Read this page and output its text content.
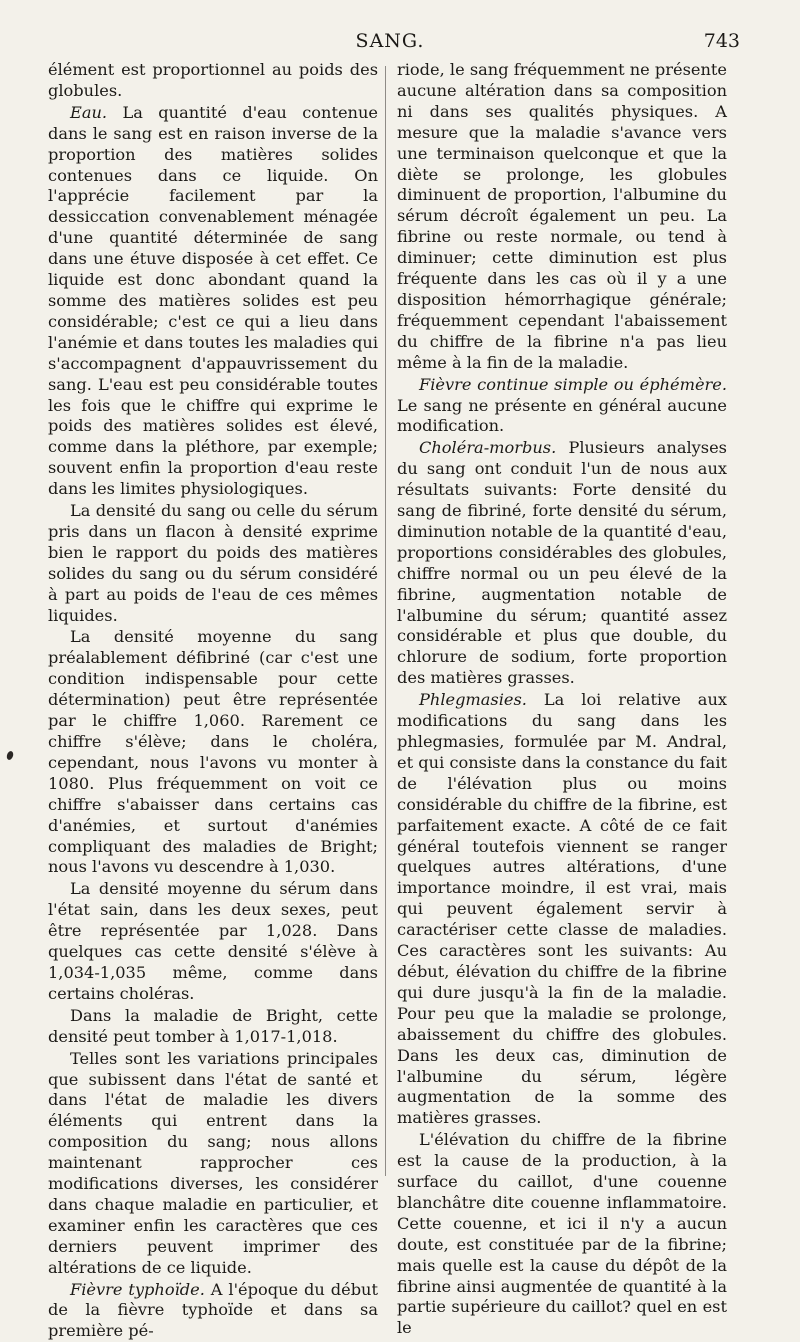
SANG.	743

élément est proportionnel au poids des globules.

Eau. La quantité d'eau contenue dans le sang est en raison inverse de la proportion des matières solides contenues dans ce liquide. On l'apprécie facilement par la dessiccation convenablement ménagée d'une quantité déterminée de sang dans une étuve disposée à cet effet. Ce liquide est donc abondant quand la somme des matières solides est peu considérable; c'est ce qui a lieu dans l'anémie et dans toutes les maladies qui s'accompagnent d'appauvrissement du sang. L'eau est peu considérable toutes les fois que le chiffre qui exprime le poids des matières solides est élevé, comme dans la pléthore, par exemple; souvent enfin la proportion d'eau reste dans les limites physiologiques.

La densité du sang ou celle du sérum pris dans un flacon à densité exprime bien le rapport du poids des matières solides du sang ou du sérum considéré à part au poids de l'eau de ces mêmes liquides.

La densité moyenne du sang préalablement défibriné (car c'est une condition indispensable pour cette détermination) peut être représentée par le chiffre 1,060. Rarement ce chiffre s'élève; dans le choléra, cependant, nous l'avons vu monter à 1080. Plus fréquemment on voit ce chiffre s'abaisser dans certains cas d'anémies, et surtout d'anémies compliquant des maladies de Bright; nous l'avons vu descendre à 1,030.

La densité moyenne du sérum dans l'état sain, dans les deux sexes, peut être représentée par 1,028. Dans quelques cas cette densité s'élève à 1,034-1,035 même, comme dans certains choléras.

Dans la maladie de Bright, cette densité peut tomber à 1,017-1,018.

Telles sont les variations principales que subissent dans l'état de santé et dans l'état de maladie les divers éléments qui entrent dans la composition du sang; nous allons maintenant rapprocher ces modifications diverses, les considérer dans chaque maladie en particulier, et examiner enfin les caractères que ces derniers peuvent imprimer des altérations de ce liquide.

Fièvre typhoïde. A l'époque du début de la fièvre typhoïde et dans sa première pé-

riode, le sang fréquemment ne présente aucune altération dans sa composition ni dans ses qualités physiques. A mesure que la maladie s'avance vers une terminaison quelconque et que la diète se prolonge, les globules diminuent de proportion, l'albumine du sérum décroît également un peu. La fibrine ou reste normale, ou tend à diminuer; cette diminution est plus fréquente dans les cas où il y a une disposition hémorrhagique générale; fréquemment cependant l'abaissement du chiffre de la fibrine n'a pas lieu même à la fin de la maladie.

Fièvre continue simple ou éphémère. Le sang ne présente en général aucune modification.

Choléra-morbus. Plusieurs analyses du sang ont conduit l'un de nous aux résultats suivants: Forte densité du sang de fibriné, forte densité du sérum, diminution notable de la quantité d'eau, proportions considérables des globules, chiffre normal ou un peu élevé de la fibrine, augmentation notable de l'albumine du sérum; quantité assez considérable et plus que double, du chlorure de sodium, forte proportion des matières grasses.

Phlegmasies. La loi relative aux modifications du sang dans les phlegmasies, formulée par M. Andral, et qui consiste dans la constance du fait de l'élévation plus ou moins considérable du chiffre de la fibrine, est parfaitement exacte. A côté de ce fait général toutefois viennent se ranger quelques autres altérations, d'une importance moindre, il est vrai, mais qui peuvent également servir à caractériser cette classe de maladies. Ces caractères sont les suivants: Au début, élévation du chiffre de la fibrine qui dure jusqu'à la fin de la maladie. Pour peu que la maladie se prolonge, abaissement du chiffre des globules. Dans les deux cas, diminution de l'albumine du sérum, légère augmentation de la somme des matières grasses.

L'élévation du chiffre de la fibrine est la cause de la production, à la surface du caillot, d'une couenne blanchâtre dite couenne inflammatoire. Cette couenne, et ici il n'y a aucun doute, est constituée par de la fibrine; mais quelle est la cause du dépôt de la fibrine ainsi augmentée de quantité à la partie supérieure du caillot? quel en est le
